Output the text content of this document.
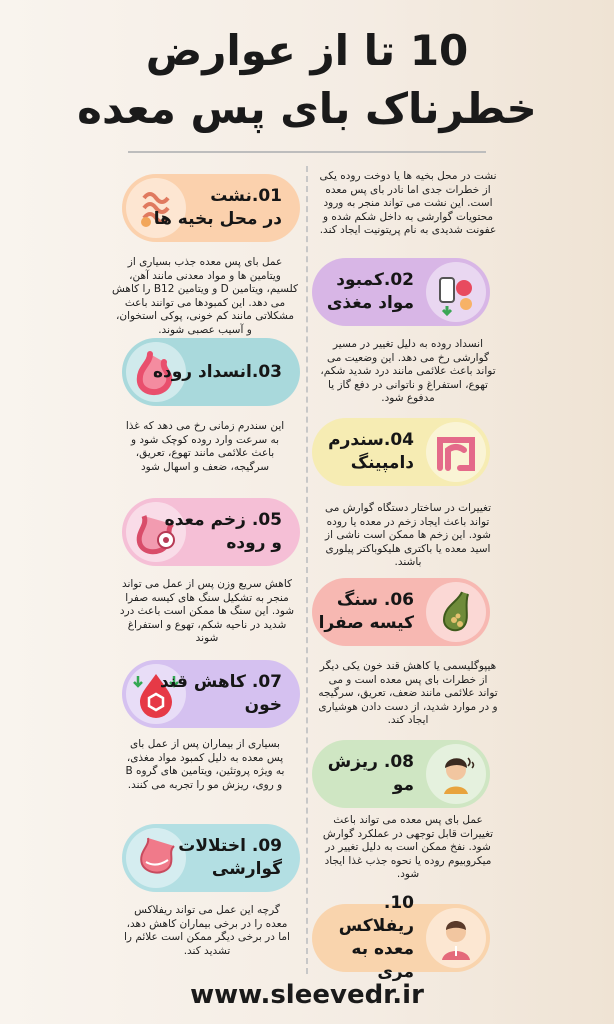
10 تا از عوارض
خطرناک بای پس معده
01.نشت
در محل بخیه ها
نشت در محل بخیه ها یا دوخت روده یکی از خطرات جدی اما نادر بای پس معده است. این نشت می تواند منجر به ورود محتویات گوارشی به داخل شکم شده و عفونت شدیدی به نام پریتونیت ایجاد کند.
02.کمبود
مواد مغذی
عمل بای پس معده جذب بسیاری از ویتامین ها و مواد معدنی مانند آهن، کلسیم، ویتامین D و ویتامین B12 را کاهش می دهد. این کمبودها می توانند باعث مشکلاتی مانند کم خونی، پوکی استخوان، و آسیب عصبی شوند.
03.انسداد روده
انسداد روده به دلیل تغییر در مسیر گوارشی رخ می دهد. این وضعیت می تواند باعث علائمی مانند درد شدید شکم، تهوع، استفراغ و ناتوانی در دفع گاز یا مدفوع شود.
04.سندرم
دامپینگ
این سندرم زمانی رخ می دهد که غذا به سرعت وارد روده کوچک شود و باعث علائمی مانند تهوع، تعریق، سرگیجه، ضعف و اسهال شود
05. زخم معده
و روده
تغییرات در ساختار دستگاه گوارش می تواند باعث ایجاد زخم در معده یا روده شود. این زخم ها ممکن است ناشی از اسید معده یا باکتری هلیکوباکتر پیلوری باشند.
06. سنگ
کیسه صفرا
کاهش سریع وزن پس از عمل می تواند منجر به تشکیل سنگ های کیسه صفرا شود. این سنگ ها ممکن است باعث درد شدید در ناحیه شکم، تهوع و استفراغ شوند
07. کاهش قند
خون
هیپوگلیسمی یا کاهش قند خون یکی دیگر از خطرات بای پس معده است و می تواند علائمی مانند ضعف، تعریق، سرگیجه و در موارد شدید، از دست دادن هوشیاری ایجاد کند.
08. ریزش مو
بسیاری از بیماران پس از عمل بای پس معده به دلیل کمبود مواد مغذی، به ویژه پروتئین، ویتامین های گروه B و روی، ریزش مو را تجربه می کنند.
09. اختلالات
گوارشی
عمل بای پس معده می تواند باعث تغییرات قابل توجهی در عملکرد گوارش شود. نفخ ممکن است به دلیل تغییر در میکروبیوم روده یا نحوه جذب غذا ایجاد شود.
10. ریفلاکس
معده به مری
گرچه این عمل می تواند ریفلاکس معده را در برخی بیماران کاهش دهد، اما در برخی دیگر ممکن است علائم را تشدید کند.
www.sleevedr.ir
